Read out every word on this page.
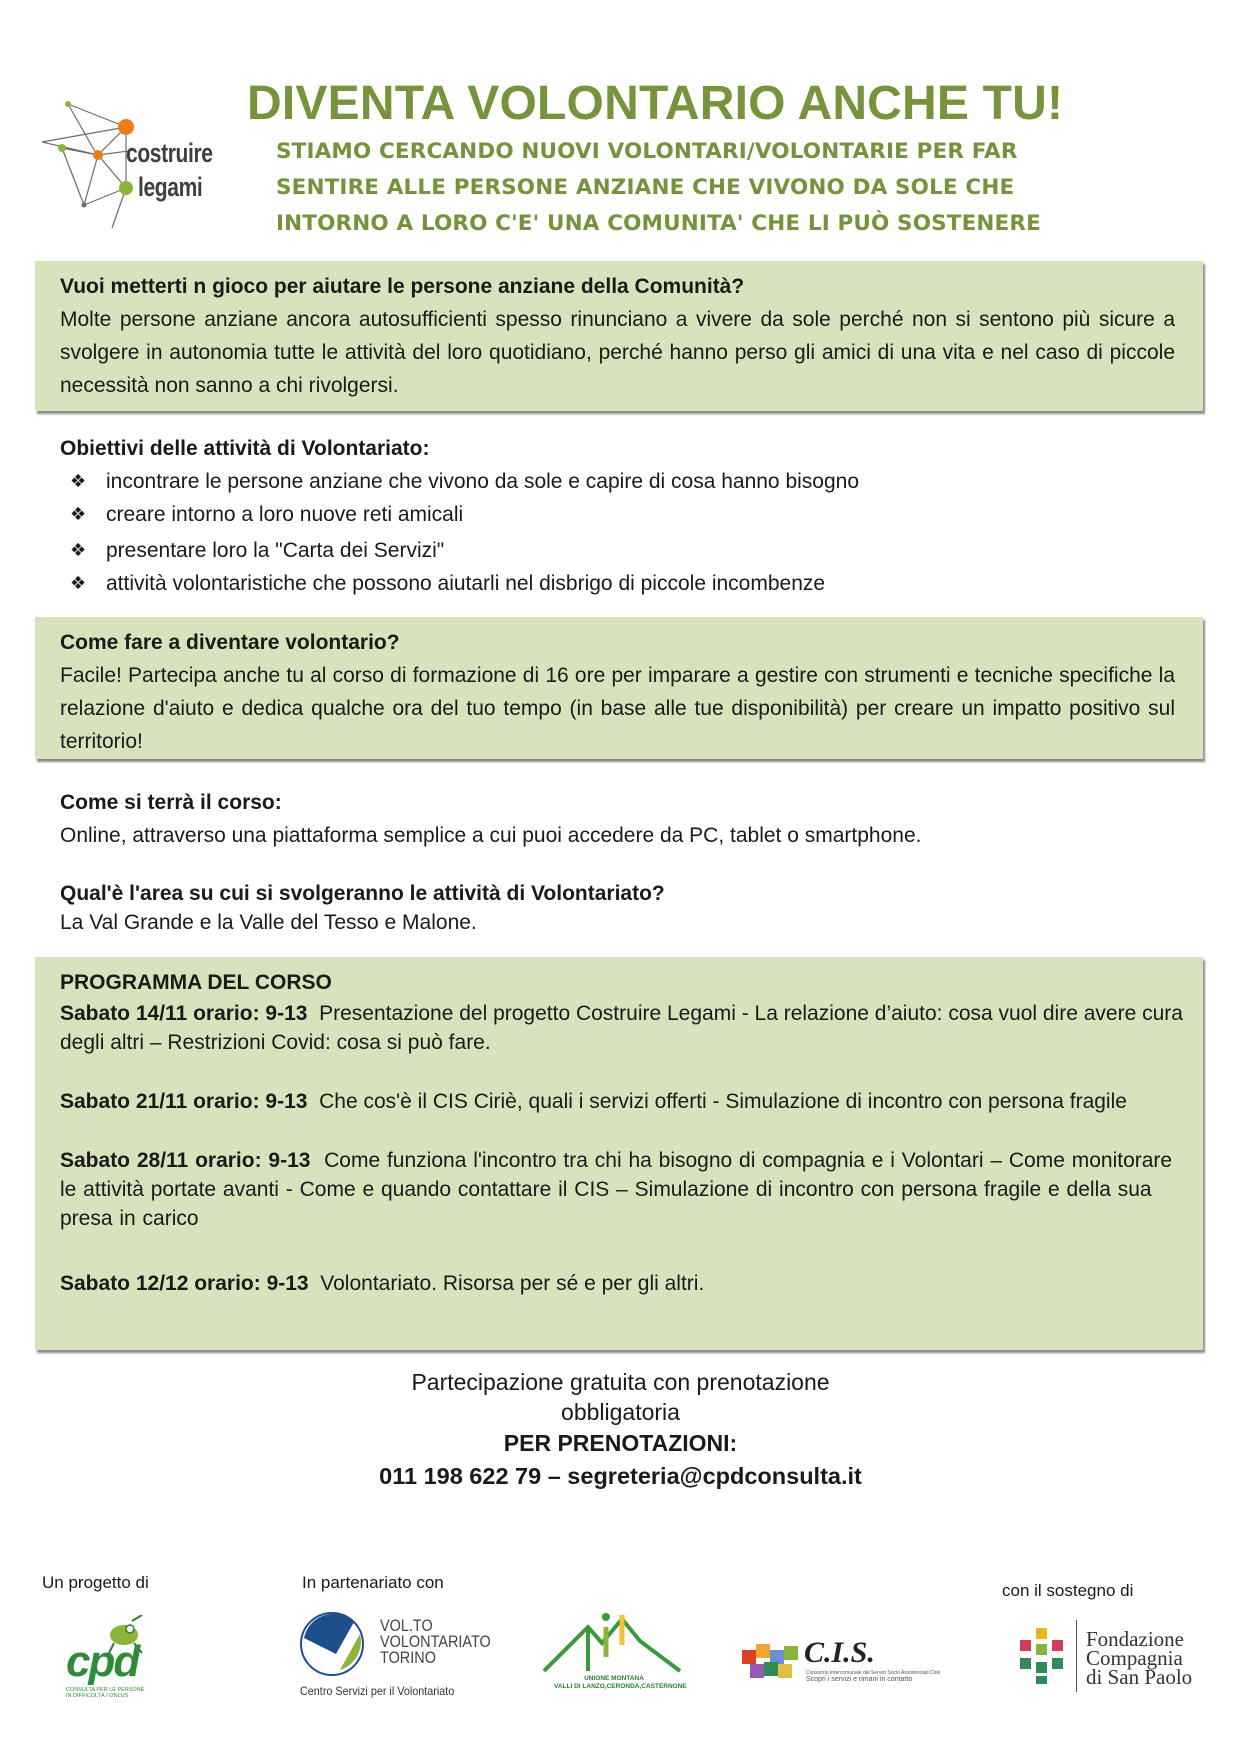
costruire
legami
DIVENTA VOLONTARIO ANCHE TU!
STIAMO CERCANDO NUOVI VOLONTARI/VOLONTARIE PER FAR
SENTIRE ALLE PERSONE ANZIANE CHE VIVONO DA SOLE CHE
INTORNO A LORO C'E' UNA COMUNITA' CHE LI PUÒ SOSTENERE
Vuoi metterti n gioco per aiutare le persone anziane della Comunità?
Molte persone anziane ancora autosufficienti spesso rinunciano a vivere da sole perché non si sentono più sicure a svolgere in autonomia tutte le attività del loro quotidiano, perché hanno perso gli amici di una vita e nel caso di piccole necessità non sanno a chi rivolgersi.
Obiettivi delle attività di Volontariato:
❖ incontrare le persone anziane che vivono da sole e capire di cosa hanno bisogno
❖ creare intorno a loro nuove reti amicali
❖ presentare loro la "Carta dei Servizi"
❖ attività volontaristiche che possono aiutarli nel disbrigo di piccole incombenze
Come fare a diventare volontario?
Facile! Partecipa anche tu al corso di formazione di 16 ore per imparare a gestire con strumenti e tecniche specifiche la relazione d'aiuto e dedica qualche ora del tuo tempo (in base alle tue disponibilità) per creare un impatto positivo sul territorio!
Come si terrà il corso:
Online, attraverso una piattaforma semplice a cui puoi accedere da PC, tablet o smartphone.
Qual'è l'area su cui si svolgeranno le attività di Volontariato?
La Val Grande e la Valle del Tesso e Malone.
PROGRAMMA DEL CORSO
Sabato 14/11 orario: 9-13 Presentazione del progetto Costruire Legami - La relazione d’aiuto: cosa vuol dire avere cura degli altri – Restrizioni Covid: cosa si può fare.
Sabato 21/11 orario: 9-13 Che cos'è il CIS Ciriè, quali i servizi offerti - Simulazione di incontro con persona fragile
Sabato 28/11 orario: 9-13 Come funziona l'incontro tra chi ha bisogno di compagnia e i Volontari – Come monitorare le attività portate avanti - Come e quando contattare il CIS – Simulazione di incontro con persona fragile e della sua presa in carico
Sabato 12/12 orario: 9-13 Volontariato. Risorsa per sé e per gli altri.
Partecipazione gratuita con prenotazione
obbligatoria
PER PRENOTAZIONI:
011 198 622 79 – segreteria@cpdconsulta.it
Un progetto di	In partenariato con	con il sostegno di
cpd
CONSULTA PER LE PERSONE
IN DIFFICOLTÀ / ONLUS
VOL.TO
VOLONTARIATO
TORINO
Centro Servizi per il Volontariato
UNIONE MONTANA
VALLI DI LANZO,CERONDA,CASTERNONE
C.I.S.
Consorzio Intercomunale dei Servizi Socio Assistenziali Ciriè
Scopri i servizi e rimani in contatto
Fondazione
Compagnia
di San Paolo
